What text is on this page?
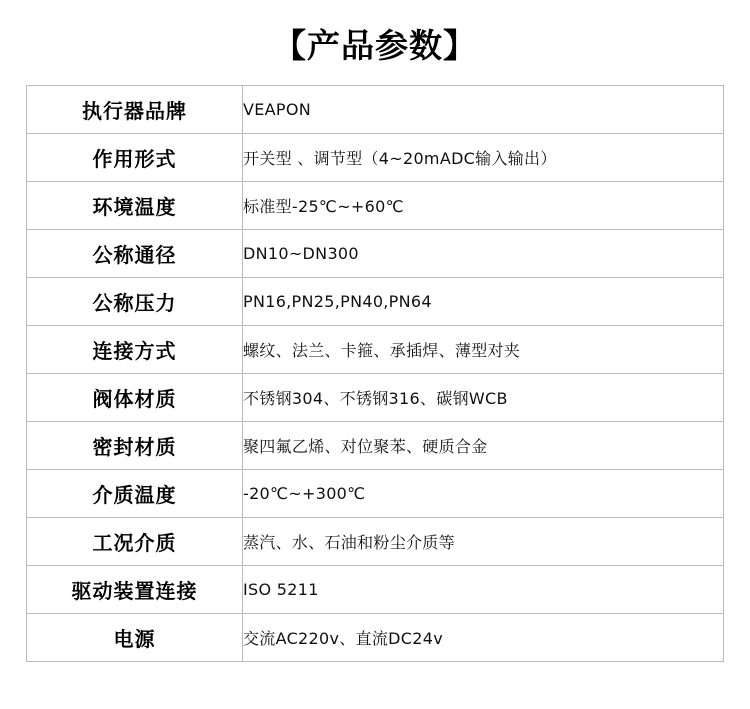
【产品参数】
执行器品牌	VEAPON
作用形式	开关型 、调节型（4~20mADC输入输出）
环境温度	标准型-25℃~+60℃
公称通径	DN10~DN300
公称压力	PN16,PN25,PN40,PN64
连接方式	螺纹、法兰、卡箍、承插焊、薄型对夹
阀体材质	不锈钢304、不锈钢316、碳钢WCB
密封材质	聚四氟乙烯、对位聚苯、硬质合金
介质温度	-20℃~+300℃
工况介质	蒸汽、水、石油和粉尘介质等
驱动装置连接	ISO 5211
电源	交流AC220v、直流DC24v
